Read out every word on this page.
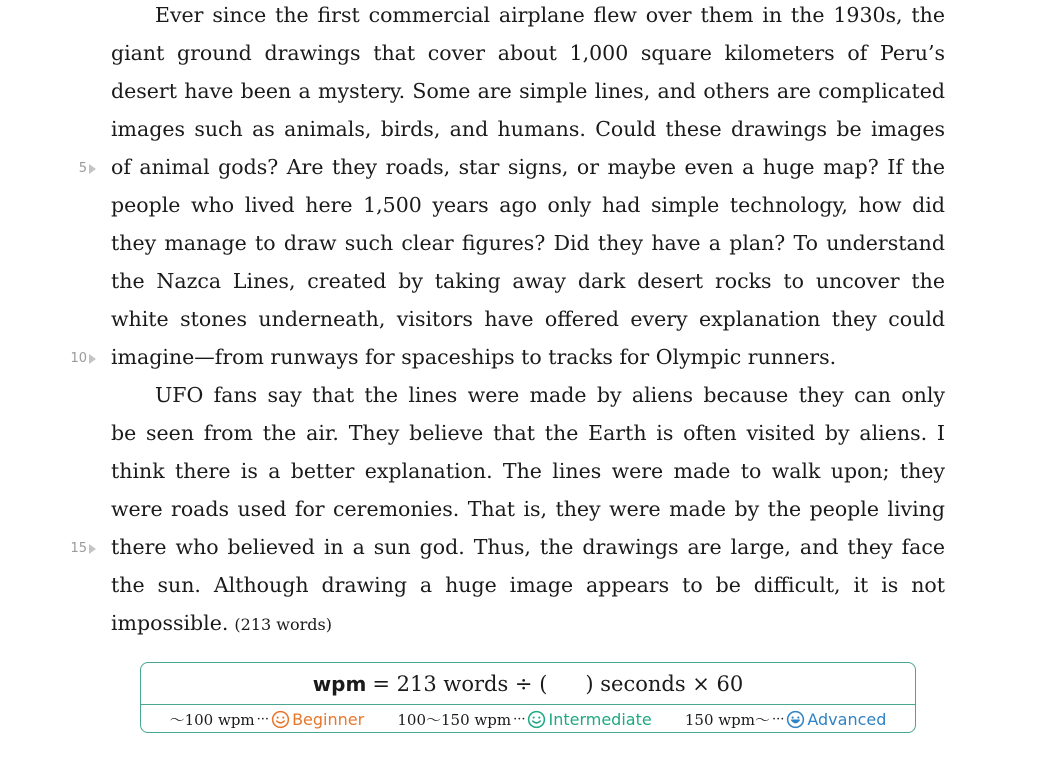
Ever since the first commercial airplane flew over them in the 1930s, the
giant ground drawings that cover about 1,000 square kilometers of Peru’s
desert have been a mystery. Some are simple lines, and others are complicated
images such as animals, birds, and humans. Could these drawings be images
of animal gods? Are they roads, star signs, or maybe even a huge map? If the
people who lived here 1,500 years ago only had simple technology, how did
they manage to draw such clear figures? Did they have a plan? To understand
the Nazca Lines, created by taking away dark desert rocks to uncover the
white stones underneath, visitors have offered every explanation they could
imagine—from runways for spaceships to tracks for Olympic runners.
UFO fans say that the lines were made by aliens because they can only
be seen from the air. They believe that the Earth is often visited by aliens. I
think there is a better explanation. The lines were made to walk upon; they
were roads used for ceremonies. That is, they were made by the people living
there who believed in a sun god. Thus, the drawings are large, and they face
the sun. Although drawing a huge image appears to be difficult, it is not
impossible. (213 words)
5
10
15
wpm = 213 words ÷ ( ) seconds × 60
～100 wpm ··· Beginner 100～150 wpm ··· Intermediate 150 wpm～ ··· Advanced
